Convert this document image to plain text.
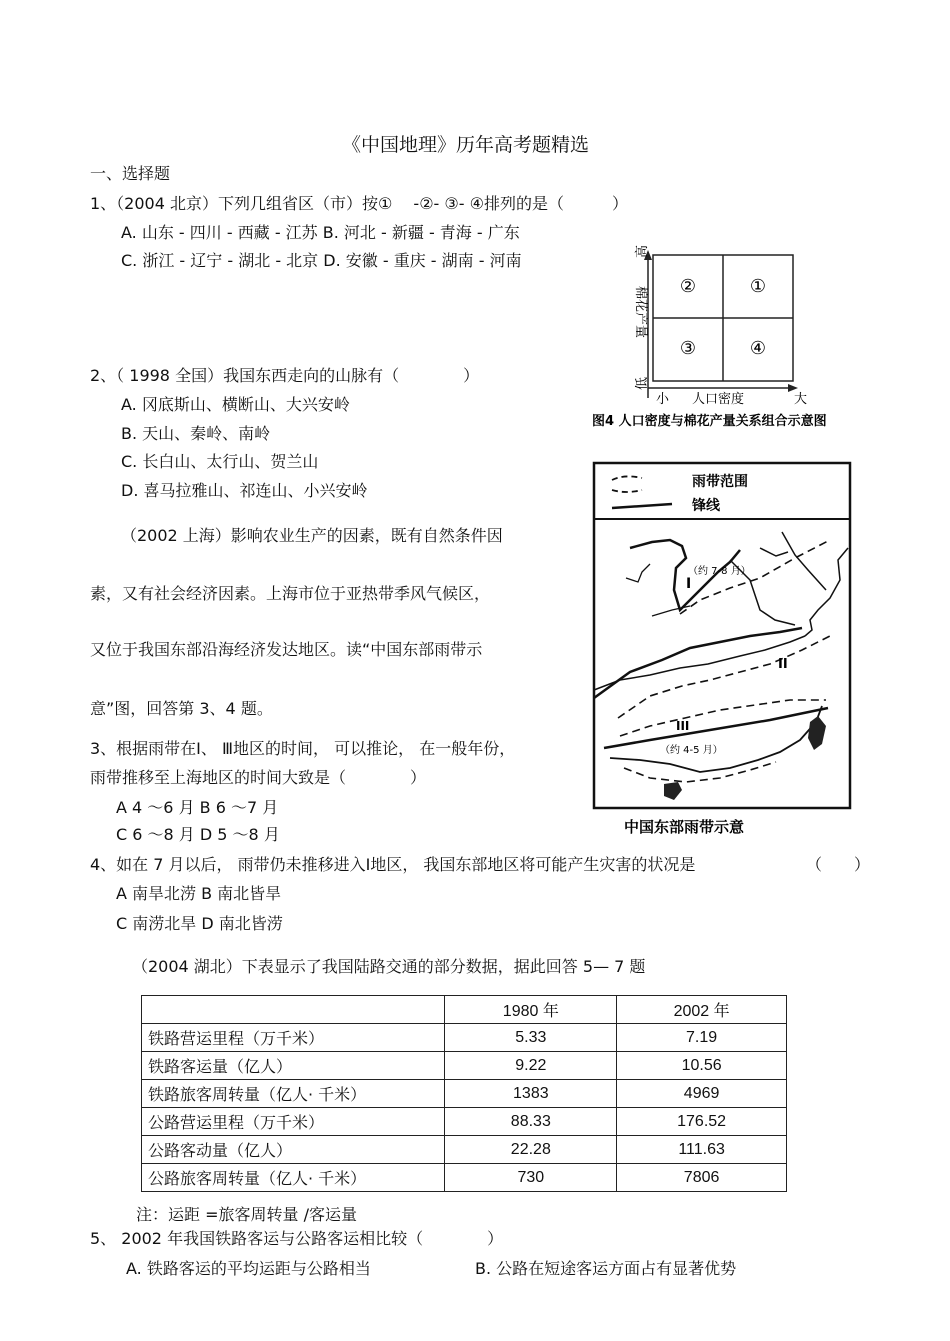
《中国地理》历年高考题精选
一、选择题
1、（2004 北京）下列几组省区（市）按①　 -②- ③- ④排列的是（　　　）
A. 山东 - 四川 - 西藏 - 江苏 B. 河北 - 新疆 - 青海 - 广东
C. 浙江 - 辽宁 - 湖北 - 北京 D. 安徽 - 重庆 - 湖南 - 河南
2、（ 1998 全国）我国东西走向的山脉有（　　　　）
A. 冈底斯山、横断山、大兴安岭
B. 天山、秦岭、南岭
C. 长白山、太行山、贺兰山
D. 喜马拉雅山、祁连山、小兴安岭
（2002 上海）影响农业生产的因素，既有自然条件因
素，又有社会经济因素。上海市位于亚热带季风气候区，
又位于我国东部沿海经济发达地区。读“中国东部雨带示
意”图，回答第 3、4 题。
3、根据雨带在Ⅰ、 Ⅲ地区的时间， 可以推论， 在一般年份，
雨带推移至上海地区的时间大致是（　　　　）
A 4 ～6 月 B 6 ～7 月
C 6 ～8 月 D 5 ～8 月
4、如在 7 月以后， 雨带仍未推移进入Ⅰ地区， 我国东部地区将可能产生灾害的状况是	（　　）
A 南旱北涝 B 南北皆旱
C 南涝北旱 D 南北皆涝
（2004 湖北）下表显示了我国陆路交通的部分数据，据此回答 5— 7 题
	1980 年	2002 年
铁路营运里程（万千米）	5.33	7.19
铁路客运量（亿人）	9.22	10.56
铁路旅客周转量（亿人· 千米）	1383	4969
公路营运里程（万千米）	88.33	176.52
公路客动量（亿人）	22.28	111.63
公路旅客周转量（亿人· 千米）	730	7806
注：运距 =旅客周转量 /客运量
5、 2002 年我国铁路客运与公路客运相比较（　　　　）
A. 铁路客运的平均运距与公路相当	B. 公路在短途客运方面占有显著优势
②	①
③	④
高
棉花产量
低
小 人口密度	大
图4 人口密度与棉花产量关系组合示意图
雨带范围
锋线
I
（约 7-8 月）
II
III
（约 4-5 月）
中国东部雨带示意
